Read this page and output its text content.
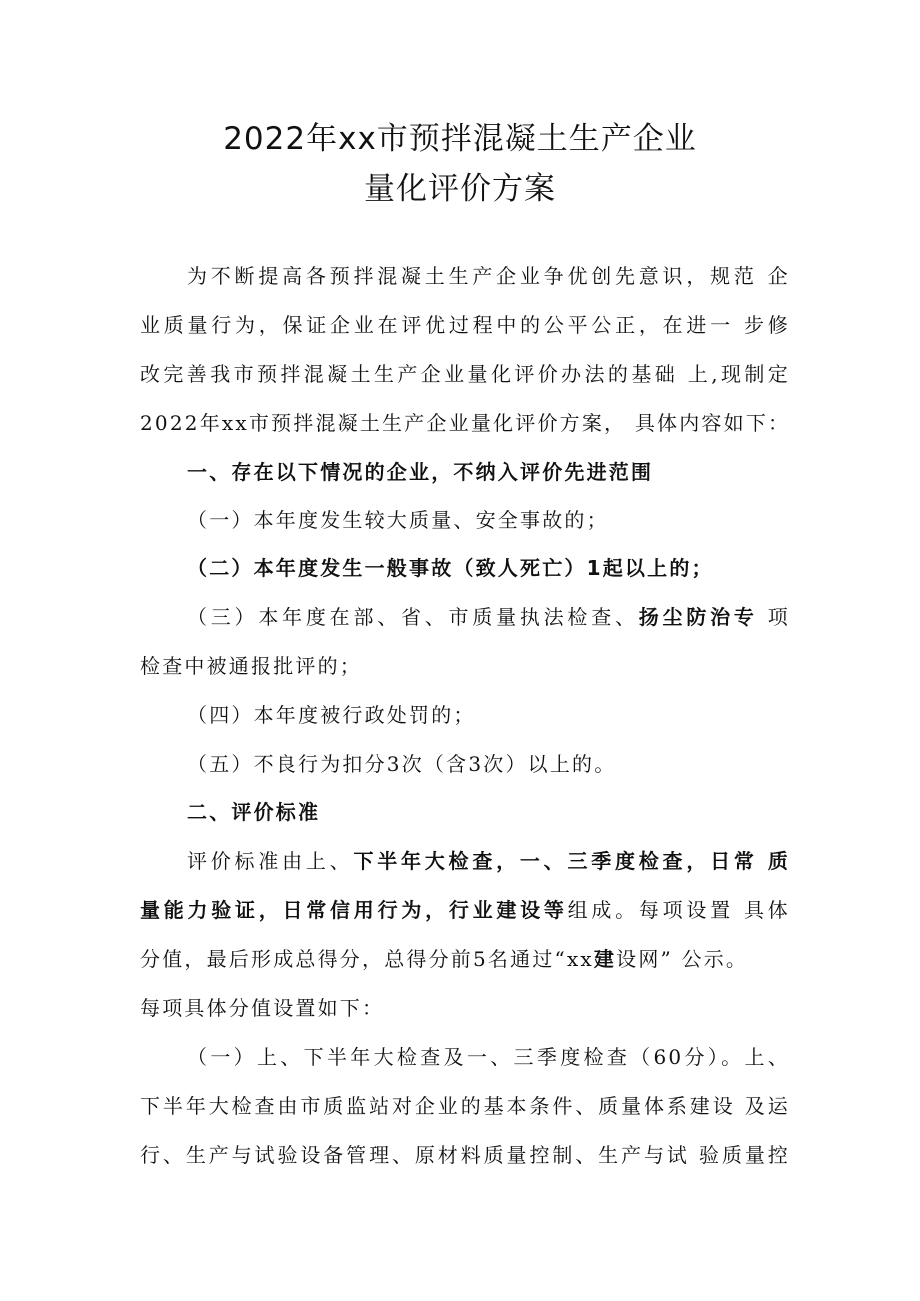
2022年xx市预拌混凝土生产企业
量化评价方案
为不断提高各预拌混凝土生产企业争优创先意识，规范 企
业质量行为，保证企业在评优过程中的公平公正，在进一 步修
改完善我市预拌混凝土生产企业量化评价办法的基础 上,现制定
2022年xx市预拌混凝土生产企业量化评价方案， 具体内容如下：
一、存在以下情况的企业，不纳入评价先进范围
（一）本年度发生较大质量、安全事故的；
（二）本年度发生一般事故（致人死亡）1起以上的；
（三）本年度在部、省、市质量执法检查、扬尘防治专 项
检查中被通报批评的；
（四）本年度被行政处罚的；
（五）不良行为扣分3次（含3次）以上的。
二、评价标准
评价标准由上、下半年大检查，一、三季度检查，日常 质
量能力验证，日常信用行为，行业建设等组成。每项设置 具体
分值，最后形成总得分，总得分前5名通过“xx建设网” 公示。
每项具体分值设置如下：
（一）上、下半年大检查及一、三季度检查（60分）。上、
下半年大检查由市质监站对企业的基本条件、质量体系建设 及运
行、生产与试验设备管理、原材料质量控制、生产与试 验质量控
